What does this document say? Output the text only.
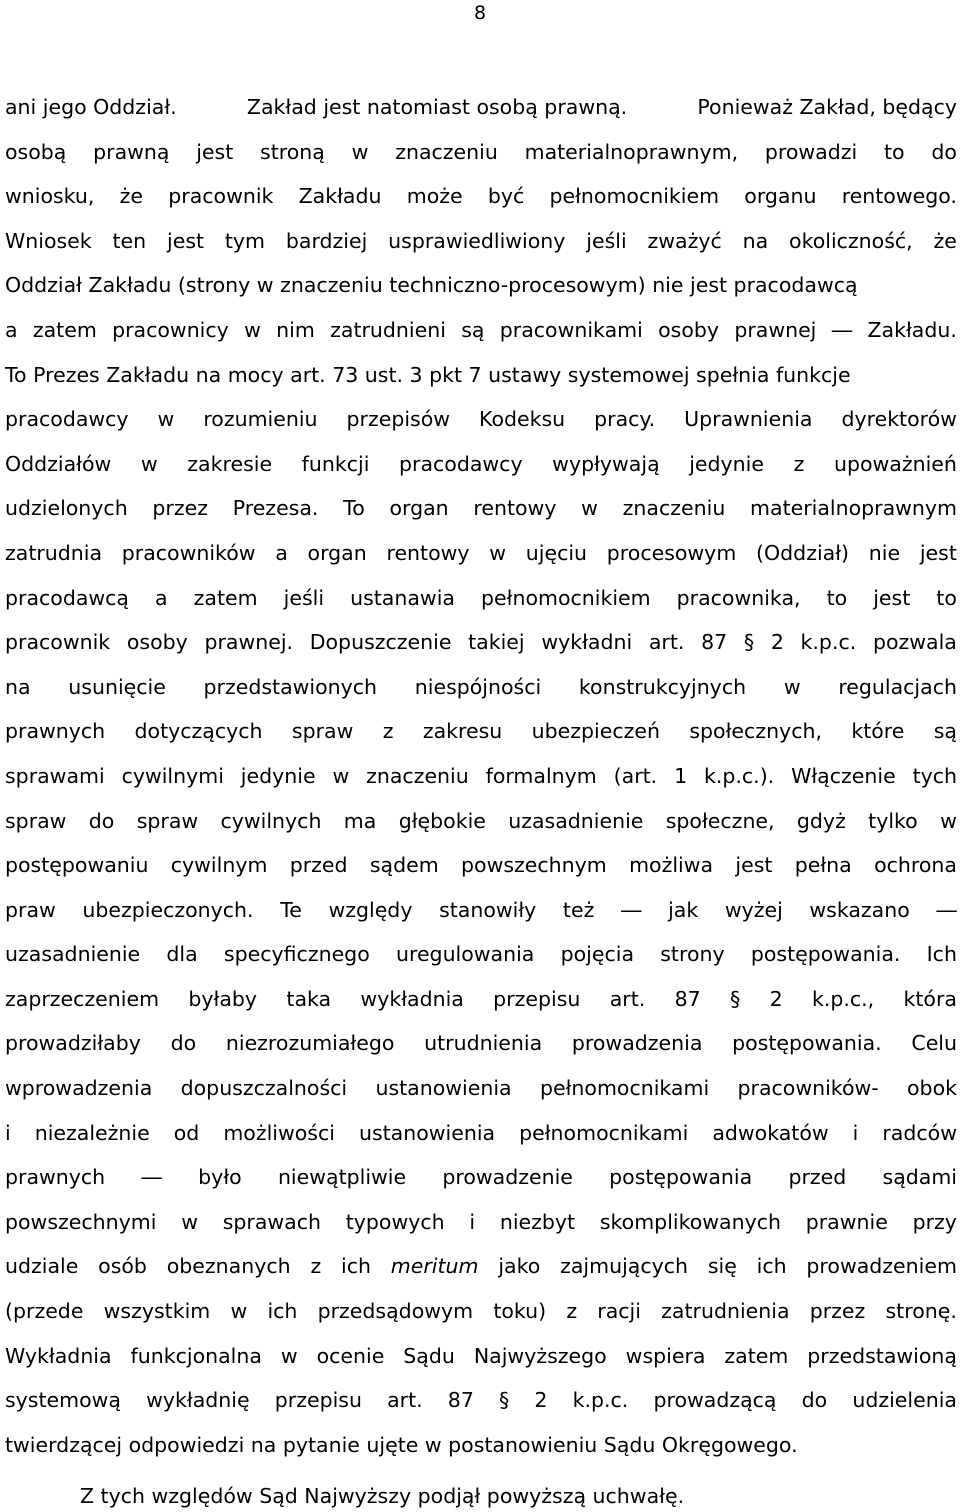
8
ani jego Oddział.	Zakład jest natomiast osobą prawną.	Ponieważ Zakład, będący
osobą prawną jest stroną w znaczeniu materialnoprawnym, prowadzi to do
wniosku, że pracownik Zakładu może być pełnomocnikiem organu rentowego.
Wniosek ten jest tym bardziej usprawiedliwiony jeśli zważyć na okoliczność, że
Oddział Zakładu (strony w znaczeniu techniczno-procesowym) nie jest pracodawcą
a zatem pracownicy w nim zatrudnieni są pracownikami osoby prawnej ― Zakładu.
To Prezes Zakładu na mocy art. 73 ust. 3 pkt 7 ustawy systemowej spełnia funkcje
pracodawcy w rozumieniu przepisów Kodeksu pracy. Uprawnienia dyrektorów
Oddziałów w zakresie funkcji pracodawcy wypływają jedynie z upoważnień
udzielonych przez Prezesa. To organ rentowy w znaczeniu materialnoprawnym
zatrudnia pracowników a organ rentowy w ujęciu procesowym (Oddział) nie jest
pracodawcą a zatem jeśli ustanawia pełnomocnikiem pracownika, to jest to
pracownik osoby prawnej. Dopuszczenie takiej wykładni art. 87 § 2 k.p.c. pozwala
na usunięcie przedstawionych niespójności konstrukcyjnych w regulacjach
prawnych dotyczących spraw z zakresu ubezpieczeń społecznych, które są
sprawami cywilnymi jedynie w znaczeniu formalnym (art. 1 k.p.c.). Włączenie tych
spraw do spraw cywilnych ma głębokie uzasadnienie społeczne, gdyż tylko w
postępowaniu cywilnym przed sądem powszechnym możliwa jest pełna ochrona
praw ubezpieczonych. Te względy stanowiły też ― jak wyżej wskazano ―
uzasadnienie dla specyficznego uregulowania pojęcia strony postępowania. Ich
zaprzeczeniem byłaby taka wykładnia przepisu art. 87 § 2 k.p.c., która
prowadziłaby do niezrozumiałego utrudnienia prowadzenia postępowania. Celu
wprowadzenia dopuszczalności ustanowienia pełnomocnikami pracowników- obok
i niezależnie od możliwości ustanowienia pełnomocnikami adwokatów i radców
prawnych ― było niewątpliwie prowadzenie postępowania przed sądami
powszechnymi w sprawach typowych i niezbyt skomplikowanych prawnie przy
udziale osób obeznanych z ich meritum jako zajmujących się ich prowadzeniem
(przede wszystkim w ich przedsądowym toku) z racji zatrudnienia przez stronę.
Wykładnia funkcjonalna w ocenie Sądu Najwyższego wspiera zatem przedstawioną
systemową wykładnię przepisu art. 87 § 2 k.p.c. prowadzącą do udzielenia
twierdzącej odpowiedzi na pytanie ujęte w postanowieniu Sądu Okręgowego.
Z tych względów Sąd Najwyższy podjął powyższą uchwałę.
